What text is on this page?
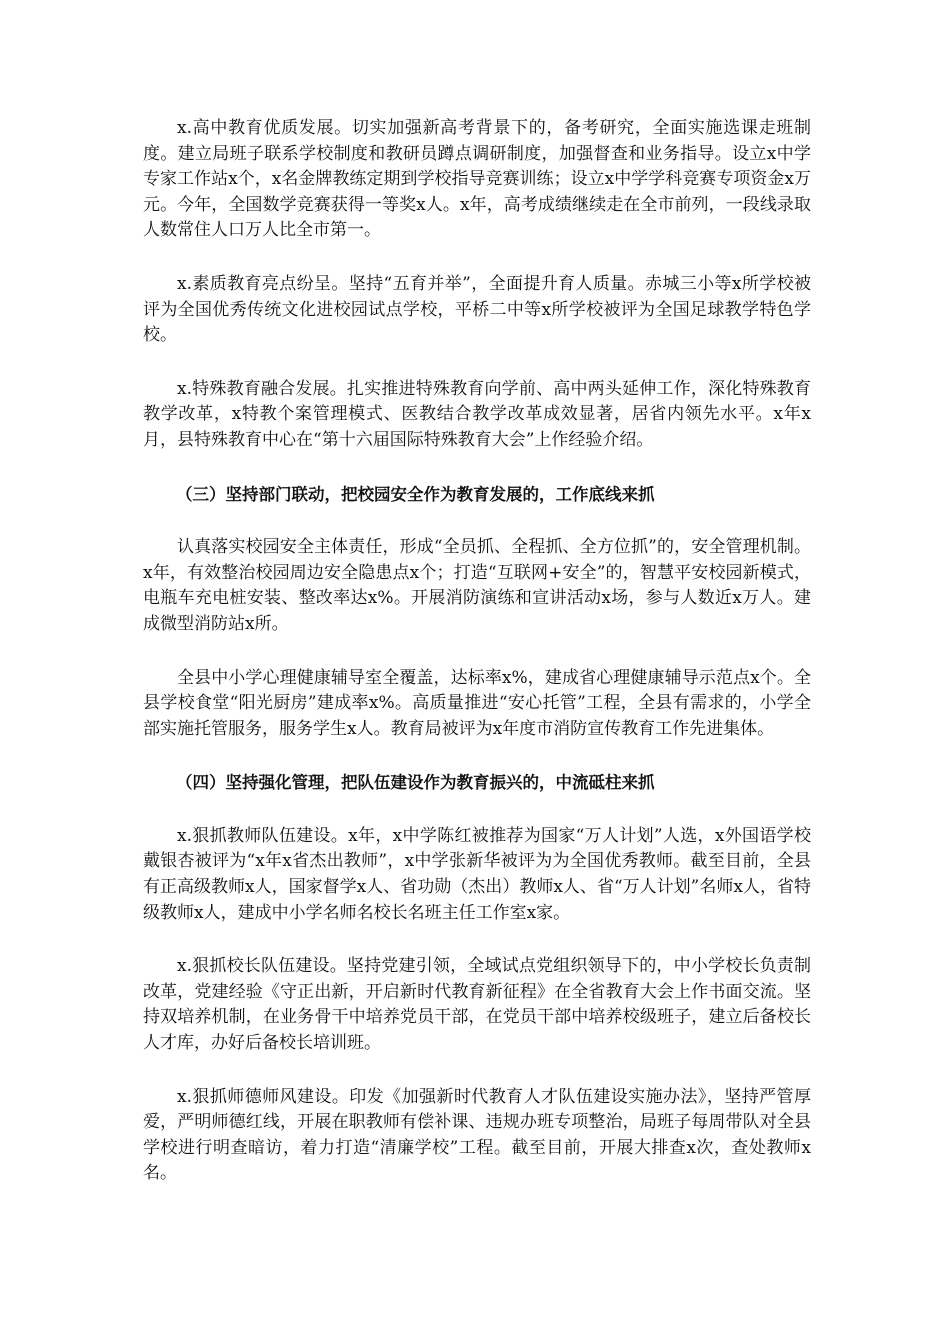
x.高中教育优质发展。切实加强新高考背景下的，备考研究，全面实施选课走班制度。建立局班子联系学校制度和教研员蹲点调研制度，加强督查和业务指导。设立x中学专家工作站x个，x名金牌教练定期到学校指导竞赛训练；设立x中学学科竞赛专项资金x万元。今年，全国数学竞赛获得一等奖x人。x年，高考成绩继续走在全市前列，一段线录取人数常住人口万人比全市第一。

x.素质教育亮点纷呈。坚持“五育并举”，全面提升育人质量。赤城三小等x所学校被评为全国优秀传统文化进校园试点学校，平桥二中等x所学校被评为全国足球教学特色学校。

x.特殊教育融合发展。扎实推进特殊教育向学前、高中两头延伸工作，深化特殊教育教学改革，x特教个案管理模式、医教结合教学改革成效显著，居省内领先水平。x年x月，县特殊教育中心在“第十六届国际特殊教育大会”上作经验介绍。

（三）坚持部门联动，把校园安全作为教育发展的，工作底线来抓

认真落实校园安全主体责任，形成“全员抓、全程抓、全方位抓”的，安全管理机制。x年，有效整治校园周边安全隐患点x个；打造“互联网+安全”的，智慧平安校园新模式，电瓶车充电桩安装、整改率达x%。开展消防演练和宣讲活动x场，参与人数近x万人。建成微型消防站x所。

全县中小学心理健康辅导室全覆盖，达标率x%，建成省心理健康辅导示范点x个。全县学校食堂“阳光厨房”建成率x%。高质量推进“安心托管”工程，全县有需求的，小学全部实施托管服务，服务学生x人。教育局被评为x年度市消防宣传教育工作先进集体。

（四）坚持强化管理，把队伍建设作为教育振兴的，中流砥柱来抓

x.狠抓教师队伍建设。x年，x中学陈红被推荐为国家“万人计划”人选，x外国语学校戴银杏被评为“x年x省杰出教师”，x中学张新华被评为为全国优秀教师。截至目前，全县有正高级教师x人，国家督学x人、省功勋（杰出）教师x人、省“万人计划”名师x人，省特级教师x人，建成中小学名师名校长名班主任工作室x家。

x.狠抓校长队伍建设。坚持党建引领，全域试点党组织领导下的，中小学校长负责制改革，党建经验《守正出新，开启新时代教育新征程》在全省教育大会上作书面交流。坚持双培养机制，在业务骨干中培养党员干部，在党员干部中培养校级班子，建立后备校长人才库，办好后备校长培训班。

x.狠抓师德师风建设。印发《加强新时代教育人才队伍建设实施办法》，坚持严管厚爱，严明师德红线，开展在职教师有偿补课、违规办班专项整治，局班子每周带队对全县学校进行明查暗访，着力打造“清廉学校”工程。截至目前，开展大排查x次，查处教师x名。
